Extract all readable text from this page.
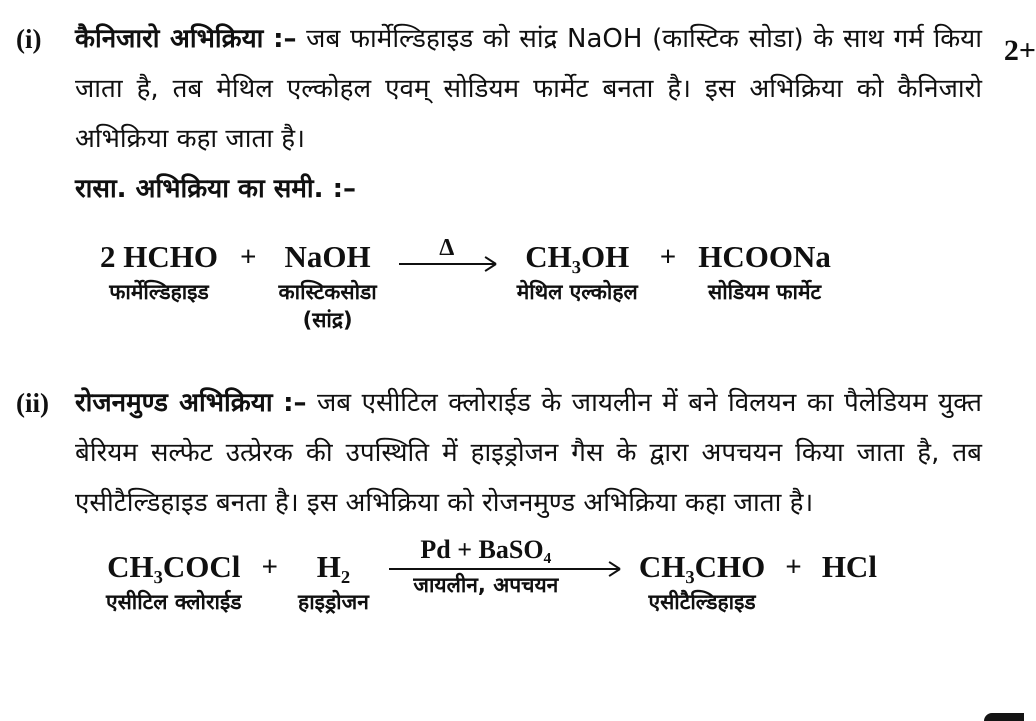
2+
(i)	कैनिजारो अभिक्रिया :– जब फार्मेल्डिहाइड को सांद्र NaOH (कास्टिक सोडा) के साथ गर्म किया जाता है, तब मेथिल एल्कोहल एवम् सोडियम फार्मेट बनता है। इस अभिक्रिया को कैनिजारो अभिक्रिया कहा जाता है।

रासा. अभिक्रिया का समी. :–

2 HCHO
फार्मेल्डिहाइड
+ NaOH
कास्टिकसोडा
(सांद्र)
Δ CH₃OH
मेथिल एल्कोहल
+ HCOONa
सोडियम फार्मेट
(ii)	रोजनमुण्ड अभिक्रिया :– जब एसीटिल क्लोराईड के जायलीन में बने विलयन का पैलेडियम युक्त बेरियम सल्फेट उत्प्रेरक की उपस्थिति में हाइड्रोजन गैस के द्वारा अपचयन किया जाता है, तब एसीटैल्डिहाइड बनता है। इस अभिक्रिया को रोजनमुण्ड अभिक्रिया कहा जाता है।

CH₃COCl
एसीटिल क्लोराईड
+ H₂
हाइड्रोजन
Pd + BaSO₄
जायलीन, अपचयन
CH₃CHO
एसीटैल्डिहाइड
+ HCl
